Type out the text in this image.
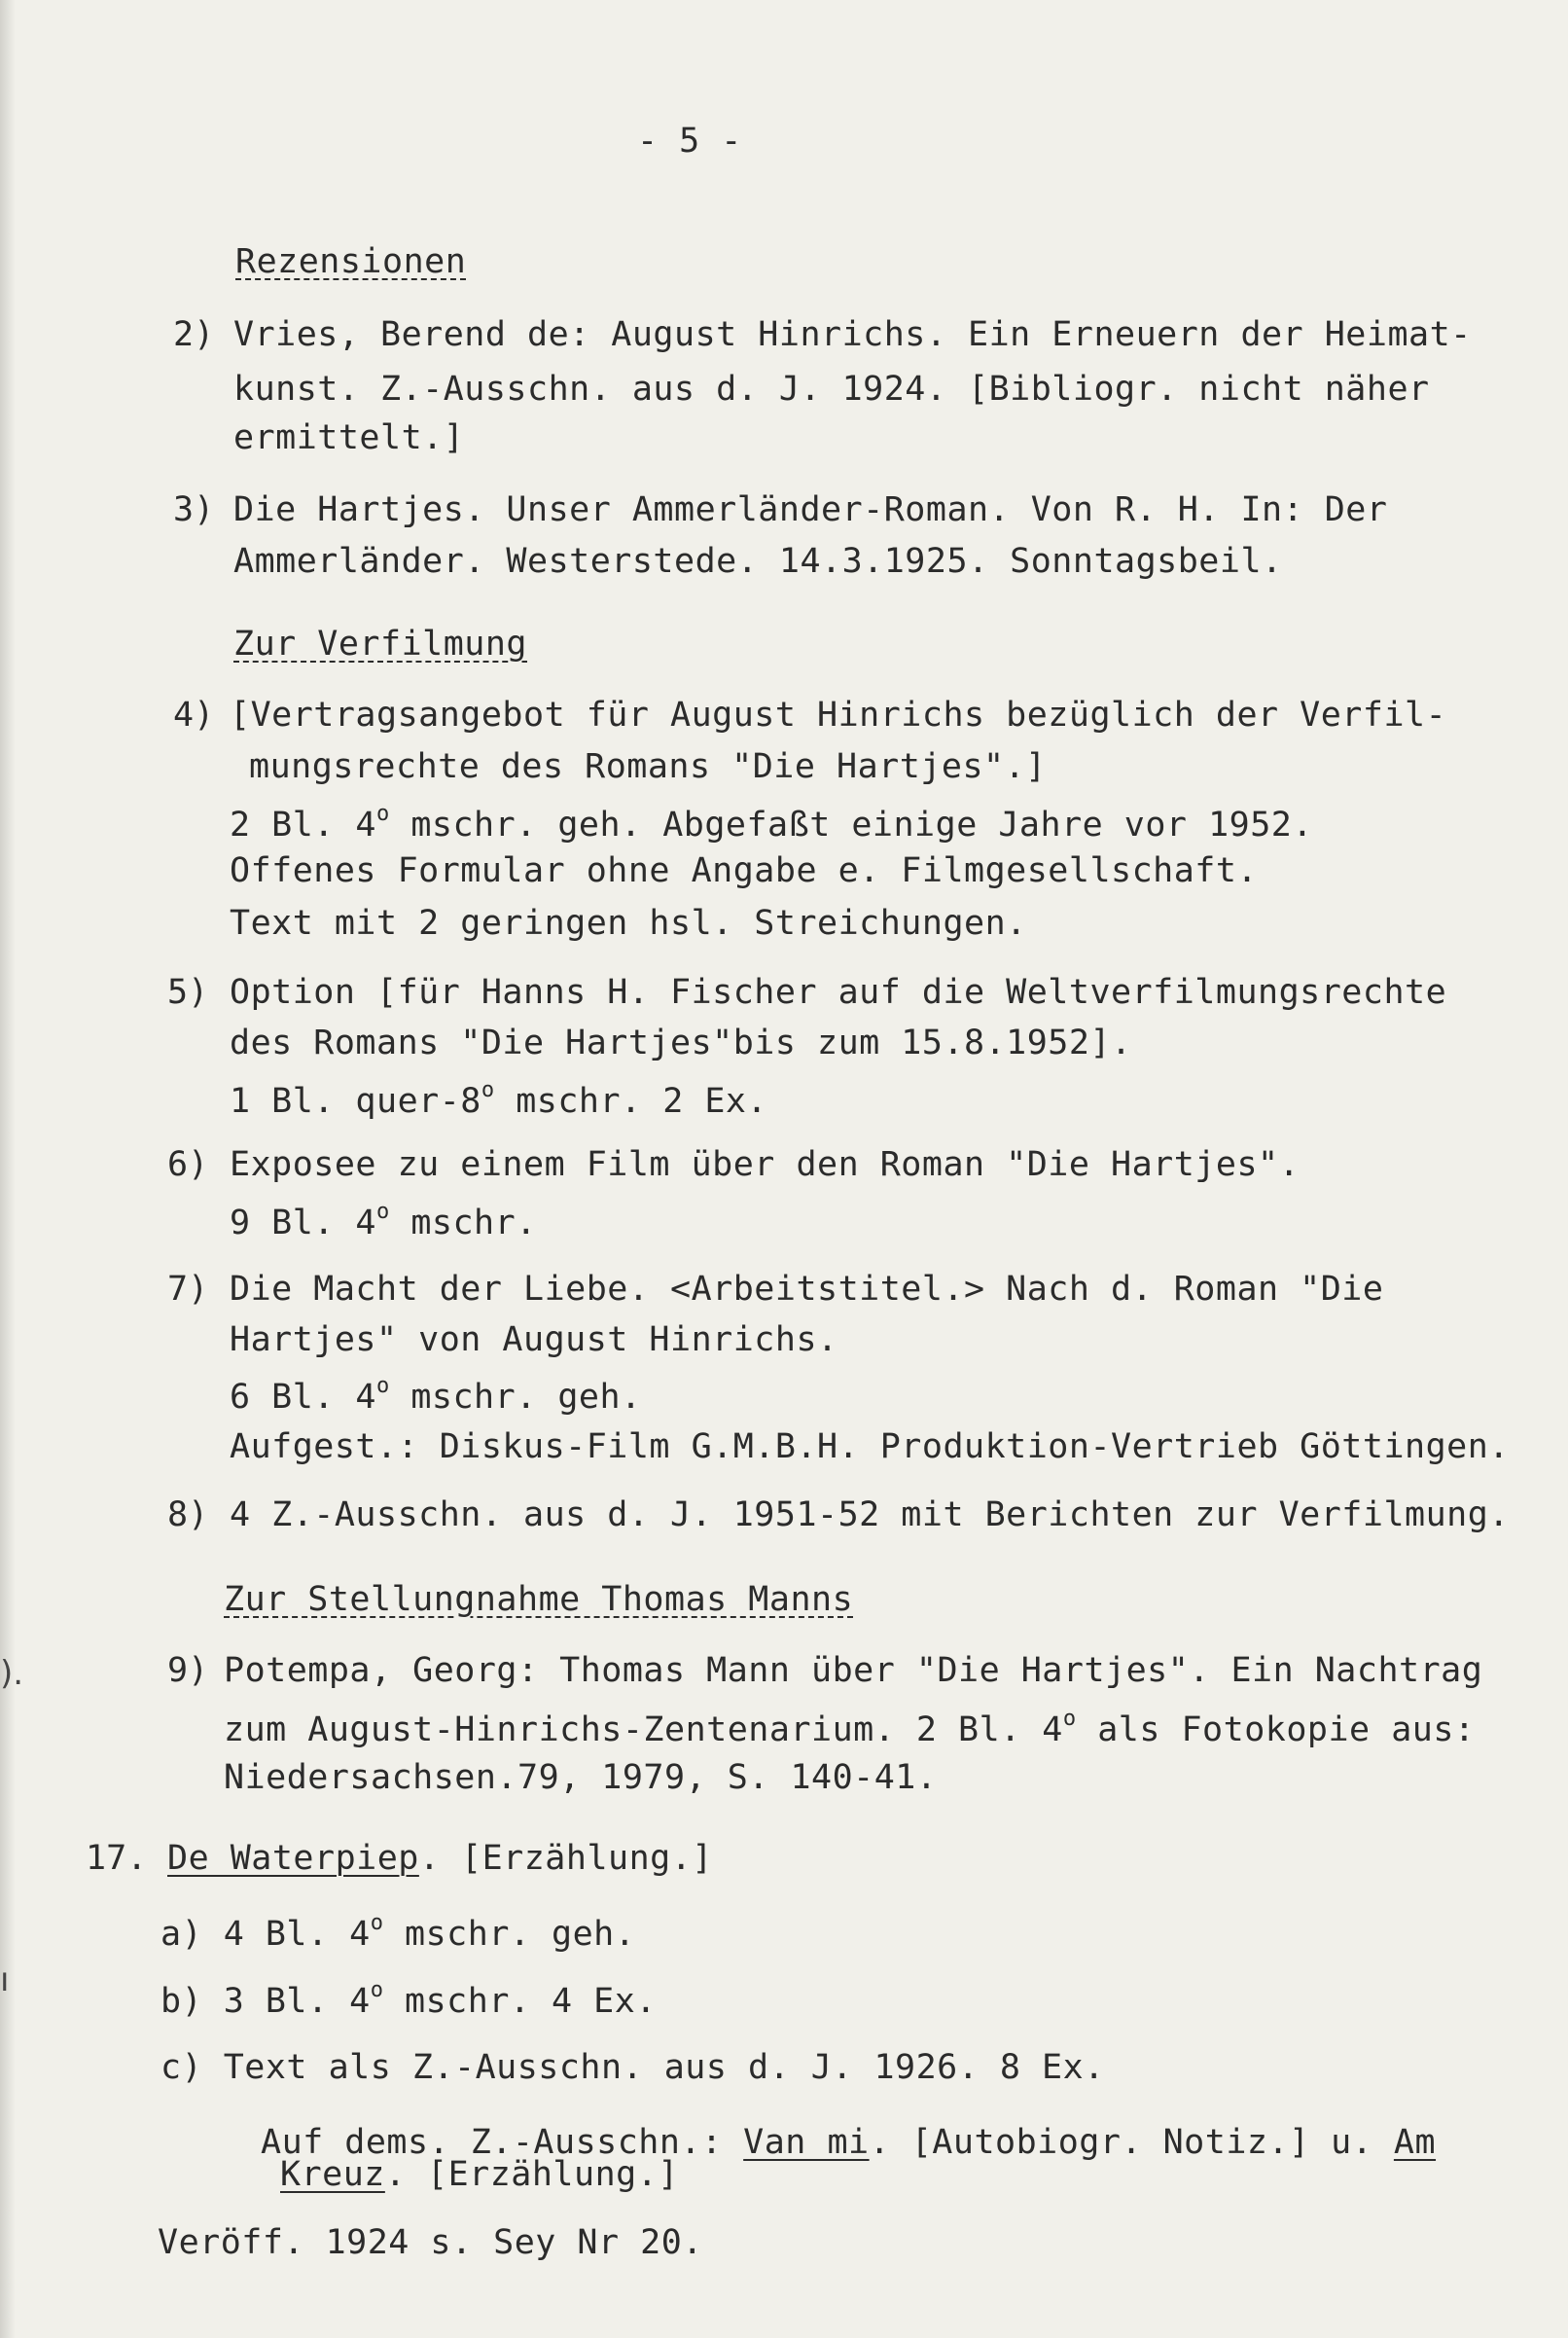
- 5 -
Rezensionen
2) Vries, Berend de: August Hinrichs. Ein Erneuern der Heimat-
kunst. Z.-Ausschn. aus d. J. 1924. [Bibliogr. nicht näher
ermittelt.]
3) Die Hartjes. Unser Ammerländer-Roman. Von R. H. In: Der
Ammerländer. Westerstede. 14.3.1925. Sonntagsbeil.
Zur Verfilmung
4) [Vertragsangebot für August Hinrichs bezüglich der Verfil-
mungsrechte des Romans "Die Hartjes".]
2 Bl. 4$^o$ mschr. geh. Abgefaßt einige Jahre vor 1952.
Offenes Formular ohne Angabe e. Filmgesellschaft.
Text mit 2 geringen hsl. Streichungen.
5) Option [für Hanns H. Fischer auf die Weltverfilmungsrechte
des Romans "Die Hartjes"bis zum 15.8.1952].
1 Bl. quer-8$^o$ mschr. 2 Ex.
6) Exposee zu einem Film über den Roman "Die Hartjes".
9 Bl. 4$^o$ mschr.
7) Die Macht der Liebe. <Arbeitstitel.> Nach d. Roman "Die
Hartjes" von August Hinrichs.
6 Bl. 4$^o$ mschr. geh.
Aufgest.: Diskus-Film G.M.B.H. Produktion-Vertrieb Göttingen.
8) 4 Z.-Ausschn. aus d. J. 1951-52 mit Berichten zur Verfilmung.
Zur Stellungnahme Thomas Manns
9) Potempa, Georg: Thomas Mann über "Die Hartjes". Ein Nachtrag
zum August-Hinrichs-Zentenarium. 2 Bl. 4$^o$ als Fotokopie aus:
Niedersachsen.79, 1979, S. 140-41.
17. De Waterpiep. [Erzählung.]
a) 4 Bl. 4$^o$ mschr. geh.
b) 3 Bl. 4$^o$ mschr. 4 Ex.
c) Text als Z.-Ausschn. aus d. J. 1926. 8 Ex.
Auf dems. Z.-Ausschn.: Van mi. [Autobiogr. Notiz.] u. Am
Kreuz. [Erzählung.]
Veröff. 1924 s. Sey Nr 20.
).
ı
